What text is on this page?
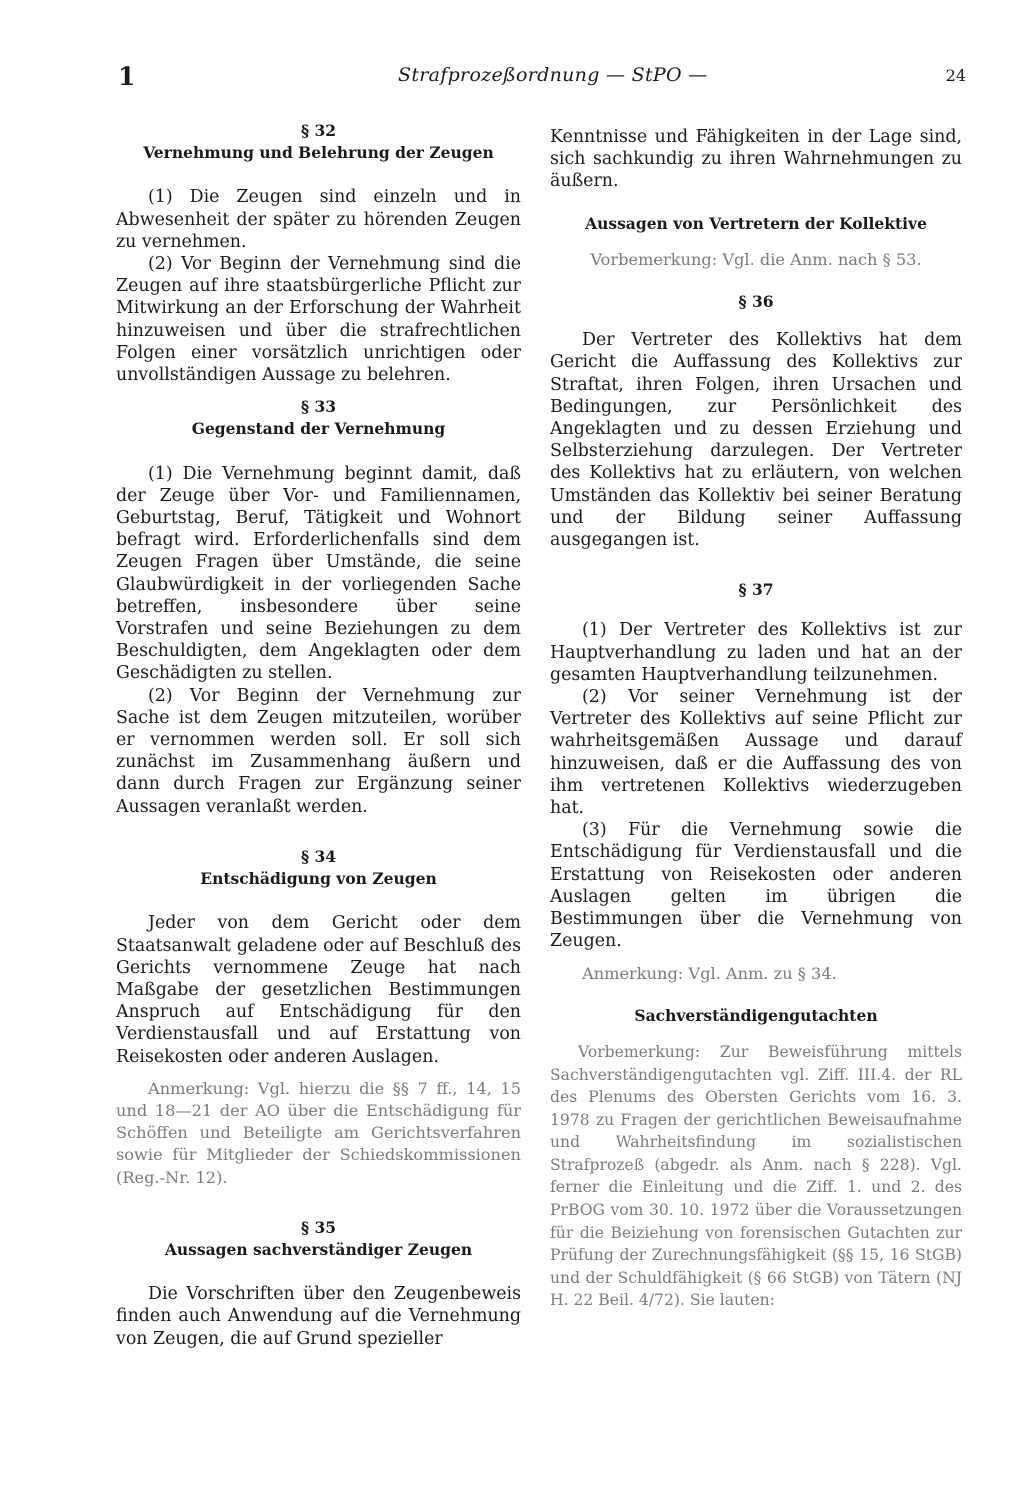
1	Strafprozeßordnung — StPO —	24
§ 32
Vernehmung und Belehrung der Zeugen

(1) Die Zeugen sind einzeln und in Abwesenheit der später zu hörenden Zeugen zu vernehmen.

(2) Vor Beginn der Vernehmung sind die Zeugen auf ihre staatsbürgerliche Pflicht zur Mitwirkung an der Erforschung der Wahrheit hinzuweisen und über die strafrechtlichen Folgen einer vorsätzlich unrichtigen oder unvollständigen Aussage zu belehren.

§ 33
Gegenstand der Vernehmung

(1) Die Vernehmung beginnt damit, daß der Zeuge über Vor- und Familiennamen, Geburtstag, Beruf, Tätigkeit und Wohnort befragt wird. Erforderlichenfalls sind dem Zeugen Fragen über Umstände, die seine Glaubwürdigkeit in der vorliegenden Sache betreffen, insbesondere über seine Vorstrafen und seine Beziehungen zu dem Beschuldigten, dem Angeklagten oder dem Geschädigten zu stellen.

(2) Vor Beginn der Vernehmung zur Sache ist dem Zeugen mitzuteilen, worüber er vernommen werden soll. Er soll sich zunächst im Zusammenhang äußern und dann durch Fragen zur Ergänzung seiner Aussagen veranlaßt werden.

§ 34
Entschädigung von Zeugen

Jeder von dem Gericht oder dem Staatsanwalt geladene oder auf Beschluß des Gerichts vernommene Zeuge hat nach Maßgabe der gesetzlichen Bestimmungen Anspruch auf Entschädigung für den Verdienstausfall und auf Erstattung von Reisekosten oder anderen Auslagen.

Anmerkung: Vgl. hierzu die §§ 7 ff., 14, 15 und 18—21 der AO über die Entschädigung für Schöffen und Beteiligte am Gerichtsverfahren sowie für Mitglieder der Schiedskommissionen (Reg.-Nr. 12).

§ 35
Aussagen sachverständiger Zeugen

Die Vorschriften über den Zeugenbeweis finden auch Anwendung auf die Vernehmung von Zeugen, die auf Grund spezieller

Kenntnisse und Fähigkeiten in der Lage sind, sich sachkundig zu ihren Wahrnehmungen zu äußern.

Aussagen von Vertretern der Kollektive

Vorbemerkung: Vgl. die Anm. nach § 53.

§ 36

Der Vertreter des Kollektivs hat dem Gericht die Auffassung des Kollektivs zur Straftat, ihren Folgen, ihren Ursachen und Bedingungen, zur Persönlichkeit des Angeklagten und zu dessen Erziehung und Selbsterziehung darzulegen. Der Vertreter des Kollektivs hat zu erläutern, von welchen Umständen das Kollektiv bei seiner Beratung und der Bildung seiner Auffassung ausgegangen ist.

§ 37

(1) Der Vertreter des Kollektivs ist zur Hauptverhandlung zu laden und hat an der gesamten Hauptverhandlung teilzunehmen.

(2) Vor seiner Vernehmung ist der Vertreter des Kollektivs auf seine Pflicht zur wahrheitsgemäßen Aussage und darauf hinzuweisen, daß er die Auffassung des von ihm vertretenen Kollektivs wiederzugeben hat.

(3) Für die Vernehmung sowie die Entschädigung für Verdienstausfall und die Erstattung von Reisekosten oder anderen Auslagen gelten im übrigen die Bestimmungen über die Vernehmung von Zeugen.

Anmerkung: Vgl. Anm. zu § 34.

Sachverständigengutachten

Vorbemerkung: Zur Beweisführung mittels Sachverständigengutachten vgl. Ziff. III.4. der RL des Plenums des Obersten Gerichts vom 16. 3. 1978 zu Fragen der gerichtlichen Beweisaufnahme und Wahrheitsfindung im sozialistischen Strafprozeß (abgedr. als Anm. nach § 228). Vgl. ferner die Einleitung und die Ziff. 1. und 2. des PrBOG vom 30. 10. 1972 über die Voraussetzungen für die Beiziehung von forensischen Gutachten zur Prüfung der Zurechnungsfähigkeit (§§ 15, 16 StGB) und der Schuldfähigkeit (§ 66 StGB) von Tätern (NJ H. 22 Beil. 4/72). Sie lauten:
